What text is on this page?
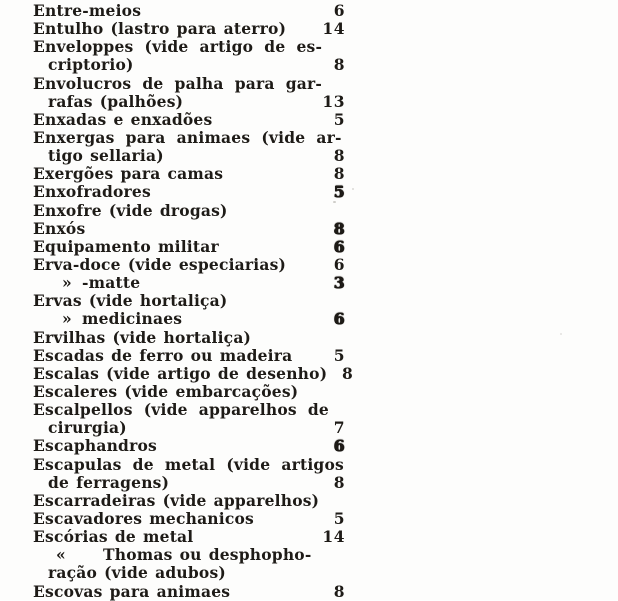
Entre-meios	6
Entulho (lastro para aterro) 14
Enveloppes (vide artigo de es-
criptorio)	8
Envolucros de palha para gar-
rafas (palhões)	13
Enxadas e enxadões	5
Enxergas para animaes (vide ar-
tigo sellaria)	8
Exergões para camas	8
Enxofradores	5
Enxofre (vide drogas)
Enxós	8
Equipamento militar	6
Erva-doce (vide especiarias)	6
» -matte	3
Ervas (vide hortaliça)
» medicinaes	6
Ervilhas (vide hortaliça)
Escadas de ferro ou madeira	5
Escalas (vide artigo de desenho) 8
Escaleres (vide embarcações)
Escalpellos (vide apparelhos de
cirurgia)	7
Escaphandros	6
Escapulas de metal (vide artigos
de ferragens)	8
Escarradeiras (vide apparelhos)
Escavadores mechanicos	5
Escórias de metal	14
«	Thomas ou desphopho-
ração (vide adubos)
Escovas para animaes	8
